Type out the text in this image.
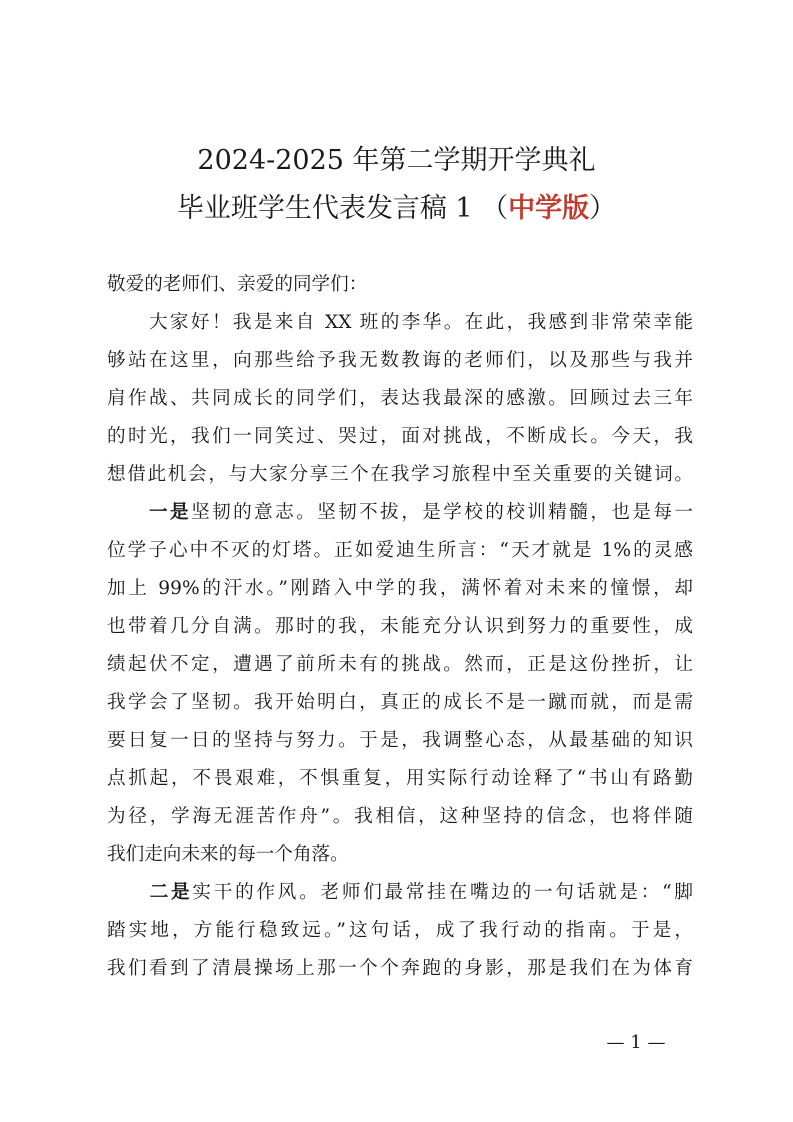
2024-2025 年第二学期开学典礼
毕业班学生代表发言稿 1 （中学版）
敬爱的老师们、亲爱的同学们：
　　大家好！我是来自 XX 班的李华。在此，我感到非常荣幸能
够站在这里，向那些给予我无数教诲的老师们，以及那些与我并
肩作战、共同成长的同学们，表达我最深的感激。回顾过去三年
的时光，我们一同笑过、哭过，面对挑战，不断成长。今天，我
想借此机会，与大家分享三个在我学习旅程中至关重要的关键词。
　　一是坚韧的意志。坚韧不拔，是学校的校训精髓，也是每一
位学子心中不灭的灯塔。正如爱迪生所言：“天才就是 1%的灵感
加上 99%的汗水。”刚踏入中学的我，满怀着对未来的憧憬，却
也带着几分自满。那时的我，未能充分认识到努力的重要性，成
绩起伏不定，遭遇了前所未有的挑战。然而，正是这份挫折，让
我学会了坚韧。我开始明白，真正的成长不是一蹴而就，而是需
要日复一日的坚持与努力。于是，我调整心态，从最基础的知识
点抓起，不畏艰难，不惧重复，用实际行动诠释了“书山有路勤
为径，学海无涯苦作舟”。我相信，这种坚持的信念，也将伴随
我们走向未来的每一个角落。
　　二是实干的作风。老师们最常挂在嘴边的一句话就是：“脚
踏实地，方能行稳致远。”这句话，成了我行动的指南。于是，
我们看到了清晨操场上那一个个奔跑的身影，那是我们在为体育
— 1 —
